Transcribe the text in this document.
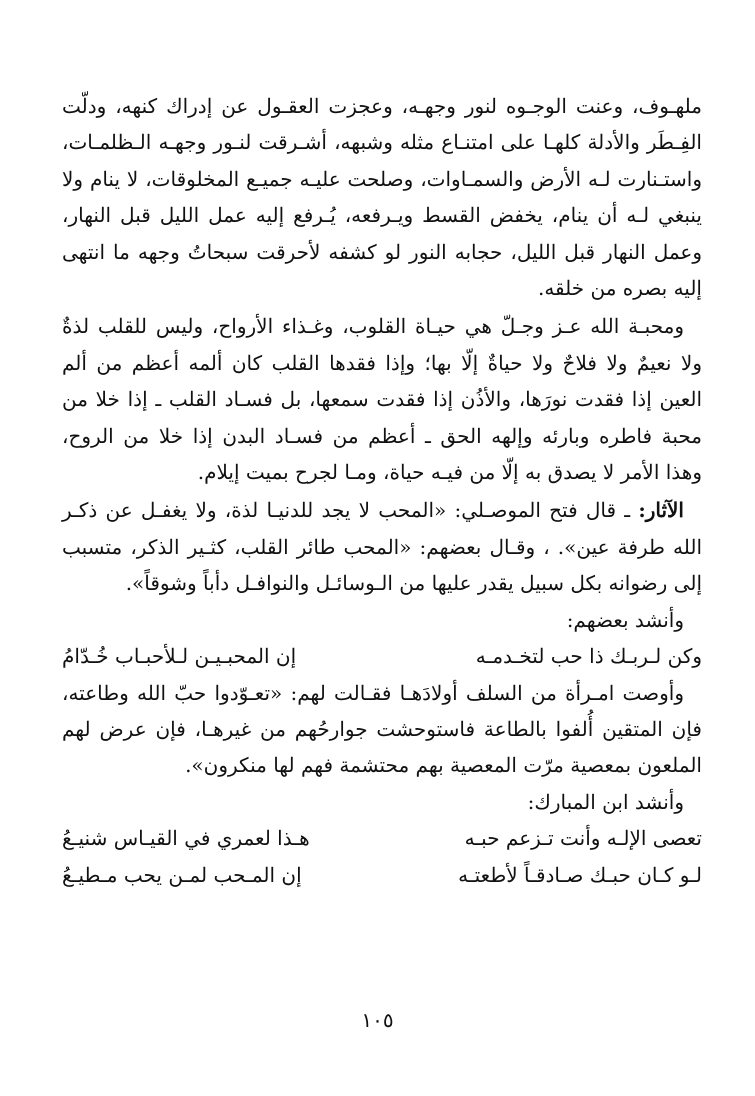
ملهـوف، وعنت الوجـوه لنور وجهـه، وعجزت العقـول عن إدراك كنهه، ودلّت الفِـطَر والأدلة كلهـا على امتنـاع مثله وشبهه، أشـرقت لنـور وجهـه الـظلمـات، واستـنارت لـه الأرض والسمـاوات، وصلحت عليـه جميـع المخلوقات، لا ينام ولا ينبغي لـه أن ينام، يخفض القسط ويـرفعه، يُـرفع إليه عمل الليل قبل النهار، وعمل النهار قبل الليل، حجابه النور لو كشفه لأحرقت سبحاتُ وجهه ما انتهى إليه بصره من خلقه.

ومحبـة الله عـز وجـلّ هي حيـاة القلوب، وغـذاء الأرواح، وليس للقلب لذةٌ ولا نعيمٌ ولا فلاحٌ ولا حياةٌ إلّا بها؛ وإذا فقدها القلب كان ألمه أعظم من ألم العين إذا فقدت نورَها، والأذُن إذا فقدت سمعها، بل فسـاد القلب ـ إذا خلا من محبة فاطره وبارئه وإلهه الحق ـ أعظم من فسـاد البدن إذا خلا من الروح، وهذا الأمر لا يصدق به إلّا من فيـه حياة، ومـا لجرح بميت إيلام.

الآثار: ـ قال فتح الموصـلي: «المحب لا يجد للدنيـا لذة، ولا يغفـل عن ذكـر الله طرفة عين». ، وقـال بعضهم: «المحب طائر القلب، كثـير الذكر، متسبب إلى رضوانه بكل سبيل يقدر عليها من الـوسائـل والنوافـل دأباً وشوقاً».

وأنشد بعضهم:

وكن لـربـك ذا حب لتخـدمـه
إن المحبـيـن لـلأحبـاب خُـدّامُ

وأوصت امـرأة من السلف أولادَهـا فقـالت لهم: «تعـوّدوا حبّ الله وطاعته، فإن المتقين أُلفوا بالطاعة فاستوحشت جوارحُهم من غيرهـا، فإن عرض لهم الملعون بمعصية مرّت المعصية بهم محتشمة فهم لها منكرون».

وأنشد ابن المبارك:

تعصى الإلـه وأنت تـزعم حبـه
هـذا لعمري في القيـاس شنيـعُ
لـو كـان حبـك صـادقـاً لأطعتـه
إن المـحب لمـن يحب مـطيـعُ
١٠٥
